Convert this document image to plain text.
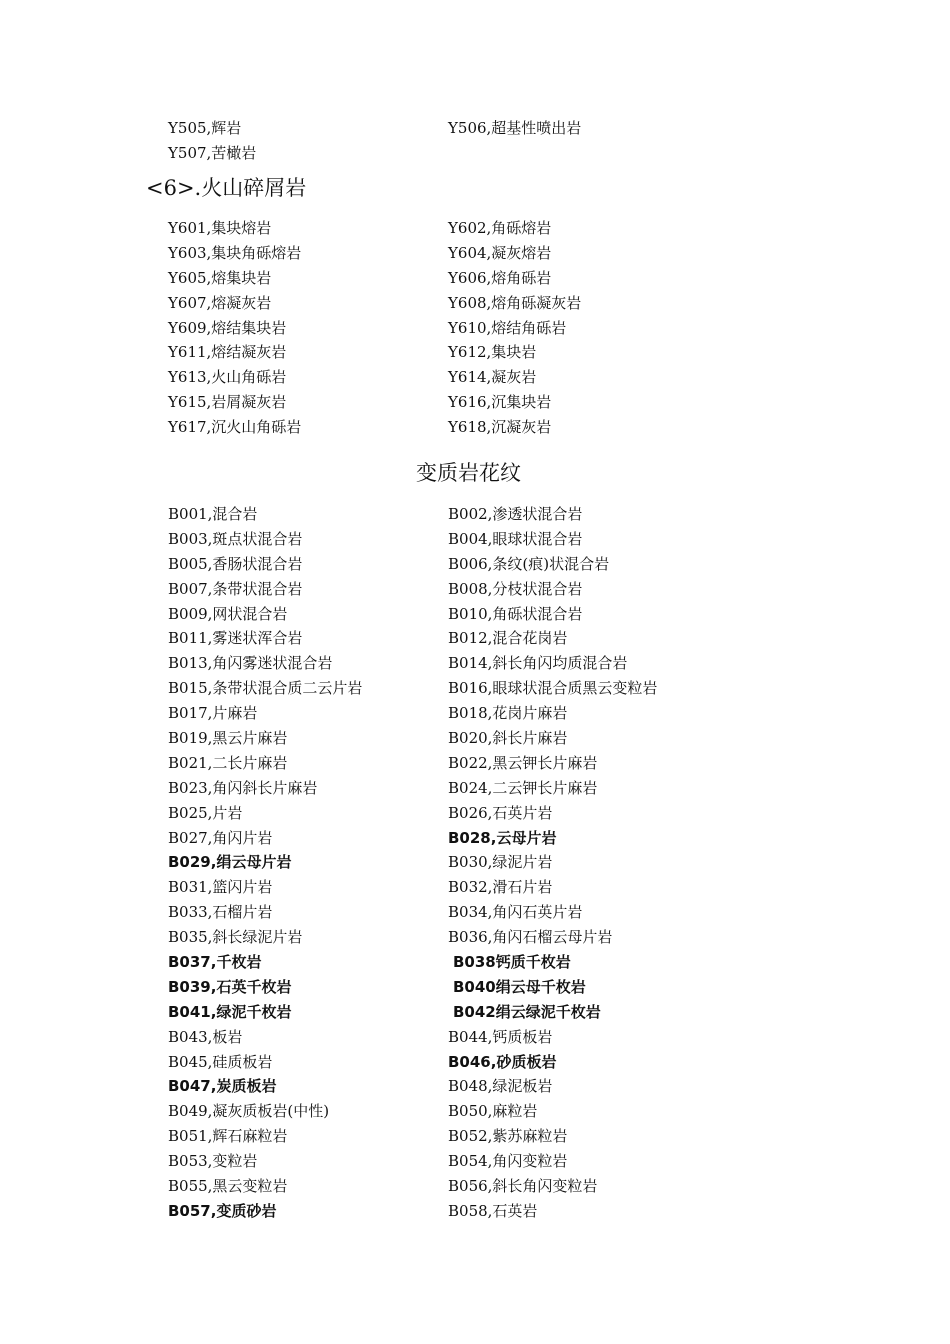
Y505,辉岩	Y506,超基性喷出岩
Y507,苦橄岩
<6>.火山碎屑岩
Y601,集块熔岩	Y602,角砾熔岩
Y603,集块角砾熔岩	Y604,凝灰熔岩
Y605,熔集块岩	Y606,熔角砾岩
Y607,熔凝灰岩	Y608,熔角砾凝灰岩
Y609,熔结集块岩	Y610,熔结角砾岩
Y611,熔结凝灰岩	Y612,集块岩
Y613,火山角砾岩	Y614,凝灰岩
Y615,岩屑凝灰岩	Y616,沉集块岩
Y617,沉火山角砾岩	Y618,沉凝灰岩
变质岩花纹
B001,混合岩	B002,渗透状混合岩
B003,斑点状混合岩	B004,眼球状混合岩
B005,香肠状混合岩	B006,条纹(痕)状混合岩
B007,条带状混合岩	B008,分枝状混合岩
B009,网状混合岩	B010,角砾状混合岩
B011,雾迷状浑合岩	B012,混合花岗岩
B013,角闪雾迷状混合岩	B014,斜长角闪均质混合岩
B015,条带状混合质二云片岩	B016,眼球状混合质黑云变粒岩
B017,片麻岩	B018,花岗片麻岩
B019,黑云片麻岩	B020,斜长片麻岩
B021,二长片麻岩	B022,黑云钾长片麻岩
B023,角闪斜长片麻岩	B024,二云钾长片麻岩
B025,片岩	B026,石英片岩
B027,角闪片岩	B028,云母片岩
B029,绢云母片岩	B030,绿泥片岩
B031,篮闪片岩	B032,滑石片岩
B033,石榴片岩	B034,角闪石英片岩
B035,斜长绿泥片岩	B036,角闪石榴云母片岩
B037,千枚岩	B038钙质千枚岩
B039,石英千枚岩	B040绢云母千枚岩
B041,绿泥千枚岩	B042绢云绿泥千枚岩
B043,板岩	B044,钙质板岩
B045,硅质板岩	B046,砂质板岩
B047,炭质板岩	B048,绿泥板岩
B049,凝灰质板岩(中性)	B050,麻粒岩
B051,辉石麻粒岩	B052,紫苏麻粒岩
B053,变粒岩	B054,角闪变粒岩
B055,黑云变粒岩	B056,斜长角闪变粒岩
B057,变质砂岩	B058,石英岩
